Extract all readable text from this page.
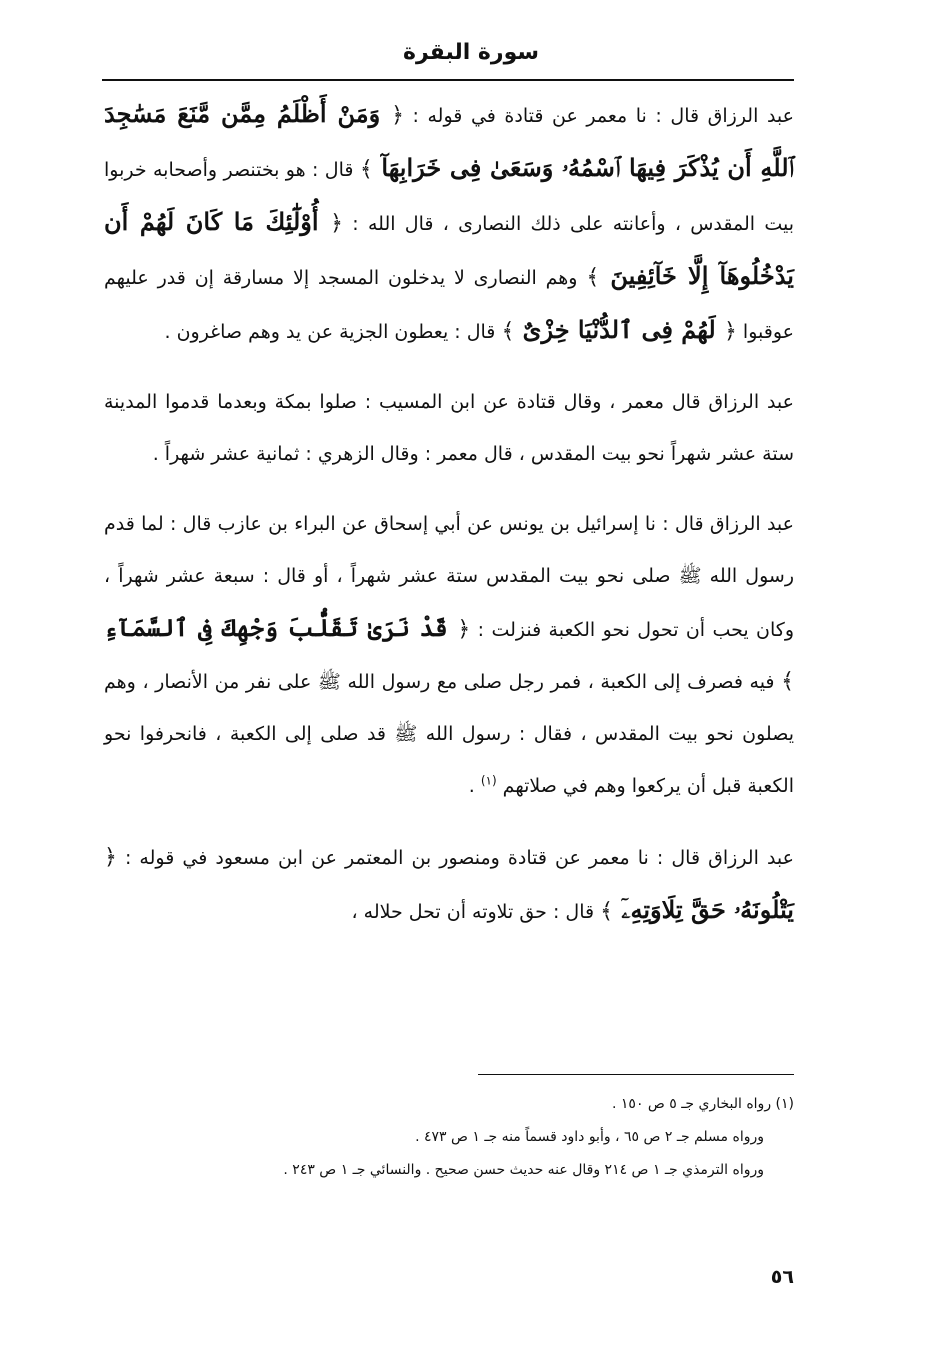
سورة البقرة

عبد الرزاق قال : نا معمر عن قتادة في قوله : ﴿ وَمَنْ أَظْلَمُ مِمَّن مَّنَعَ مَسَٰجِدَ ٱللَّهِ أَن يُذْكَرَ فِيهَا ٱسْمُهُۥ وَسَعَىٰ فِى خَرَابِهَآ ﴾ قال : هو بختنصر وأصحابه خربوا بيت المقدس ، وأعانته على ذلك النصارى ، قال الله : ﴿ أُوْلَٰٓئِكَ مَا كَانَ لَهُمْ أَن يَدْخُلُوهَآ إِلَّا خَآئِفِينَ ﴾ وهم النصارى لا يدخلون المسجد إلا مسارقة إن قدر عليهم عوقبوا ﴿ لَهُمْ فِى ٱلدُّنْيَا خِزْىٌ ﴾ قال : يعطون الجزية عن يد وهم صاغرون .

عبد الرزاق قال معمر ، وقال قتادة عن ابن المسيب : صلوا بمكة وبعدما قدموا المدينة ستة عشر شهراً نحو بيت المقدس ، قال معمر : وقال الزهري : ثمانية عشر شهراً .

عبد الرزاق قال : نا إسرائيل بن يونس عن أبي إسحاق عن البراء بن عازب قال : لما قدم رسول الله ﷺ صلى نحو بيت المقدس ستة عشر شهراً ، أو قال : سبعة عشر شهراً ، وكان يحب أن تحول نحو الكعبة فنزلت : ﴿ قَدْ نَرَىٰ تَقَلُّبَ وَجْهِكَ فِى ٱلسَّمَآءِ ﴾ فيه فصرف إلى الكعبة ، فمر رجل صلى مع رسول الله ﷺ على نفر من الأنصار ، وهم يصلون نحو بيت المقدس ، فقال : رسول الله ﷺ قد صلى إلى الكعبة ، فانحرفوا نحو الكعبة قبل أن يركعوا وهم في صلاتهم $^{(١)}$ .

عبد الرزاق قال : نا معمر عن قتادة ومنصور بن المعتمر عن ابن مسعود في قوله : ﴿ يَتْلُونَهُۥ حَقَّ تِلَاوَتِهِۦٓ ﴾ قال : حق تلاوته أن تحل حلاله ،

(١) رواه البخاري جـ ٥ ص ١٥٠ .

ورواه مسلم جـ ٢ ص ٦٥ ، وأبو داود قسماً منه جـ ١ ص ٤٧٣ .

ورواه الترمذي جـ ١ ص ٢١٤ وقال عنه حديث حسن صحيح . والنسائي جـ ١ ص ٢٤٣ .

٥٦
